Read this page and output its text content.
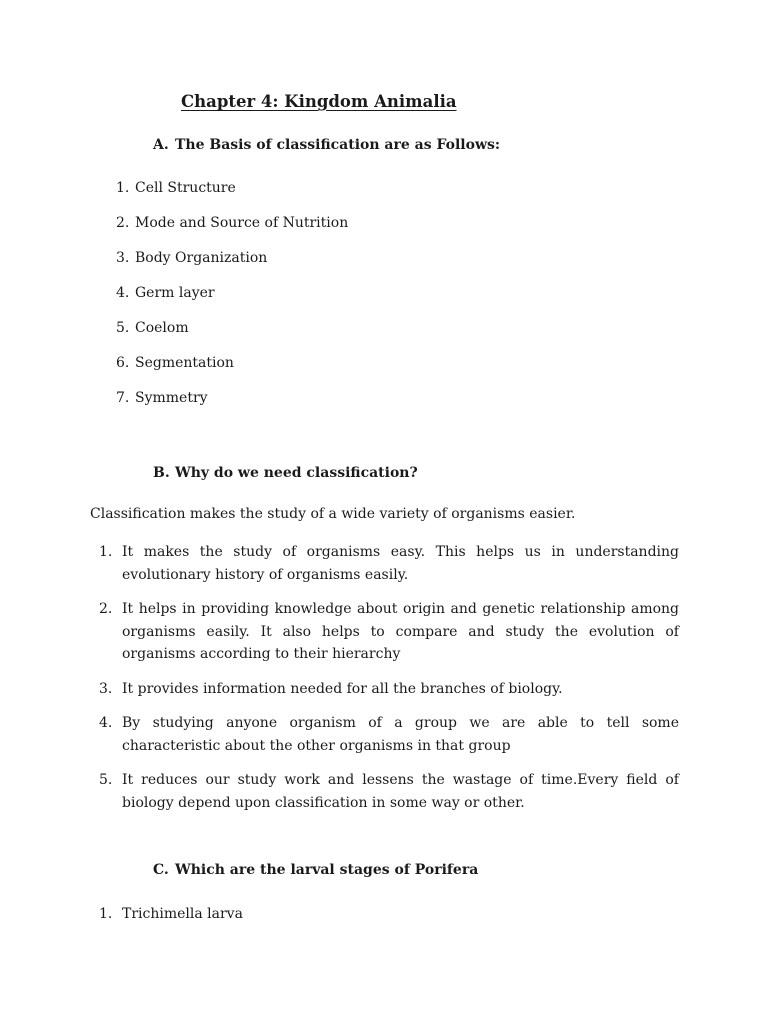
Chapter 4: Kingdom Animalia
A. The Basis of classification are as Follows:
1. Cell Structure
2. Mode and Source of Nutrition
3. Body Organization
4. Germ layer
5. Coelom
6. Segmentation
7. Symmetry
B. Why do we need classification?
Classification makes the study of a wide variety of organisms easier.
1. It makes the study of organisms easy. This helps us in understanding evolutionary history of organisms easily.
2. It helps in providing knowledge about origin and genetic relationship among organisms easily. It also helps to compare and study the evolution of organisms according to their hierarchy
3. It provides information needed for all the branches of biology.
4. By studying anyone organism of a group we are able to tell some characteristic about the other organisms in that group
5. It reduces our study work and lessens the wastage of time.Every field of biology depend upon classification in some way or other.
C. Which are the larval stages of Porifera
1. Trichimella larva
